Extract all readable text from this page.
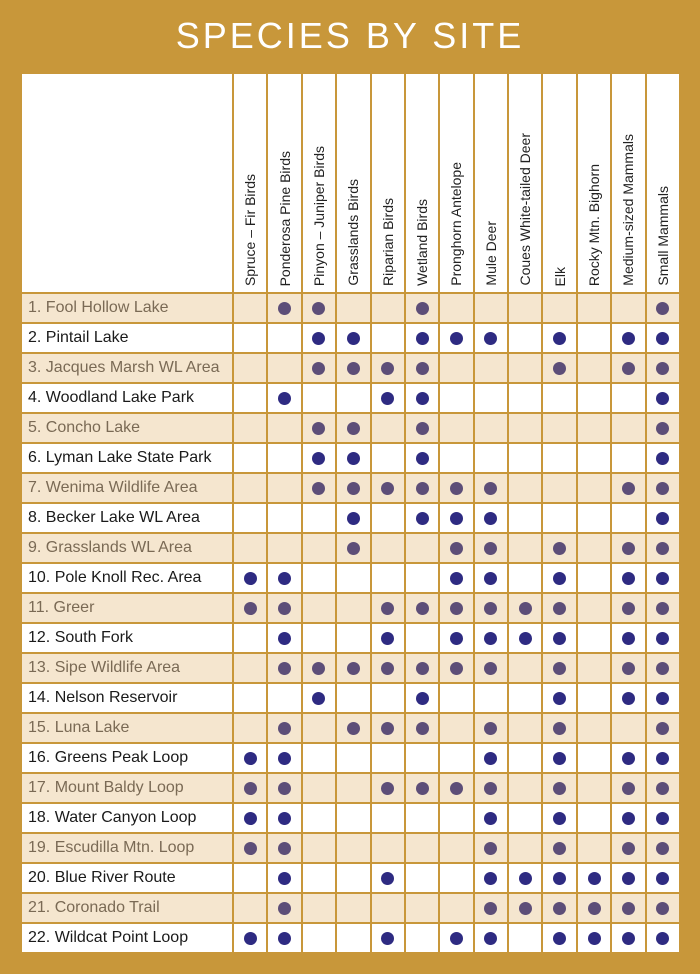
SPECIES BY SITE
Spruce – Fir Birds Ponderosa Pine Birds Pinyon – Juniper Birds Grasslands Birds Riparian Birds Wetland Birds Pronghorn Antelope Mule Deer Coues White-tailed Deer Elk Rocky Mtn. Bighorn Medium-sized Mammals Small Mammals
1. Fool Hollow Lake
2. Pintail Lake
3. Jacques Marsh WL Area
4. Woodland Lake Park
5. Concho Lake
6. Lyman Lake State Park
7. Wenima Wildlife Area
8. Becker Lake WL Area
9. Grasslands WL Area
10. Pole Knoll Rec. Area
11. Greer
12. South Fork
13. Sipe Wildlife Area
14. Nelson Reservoir
15. Luna Lake
16. Greens Peak Loop
17. Mount Baldy Loop
18. Water Canyon Loop
19. Escudilla Mtn. Loop
20. Blue River Route
21. Coronado Trail
22. Wildcat Point Loop
